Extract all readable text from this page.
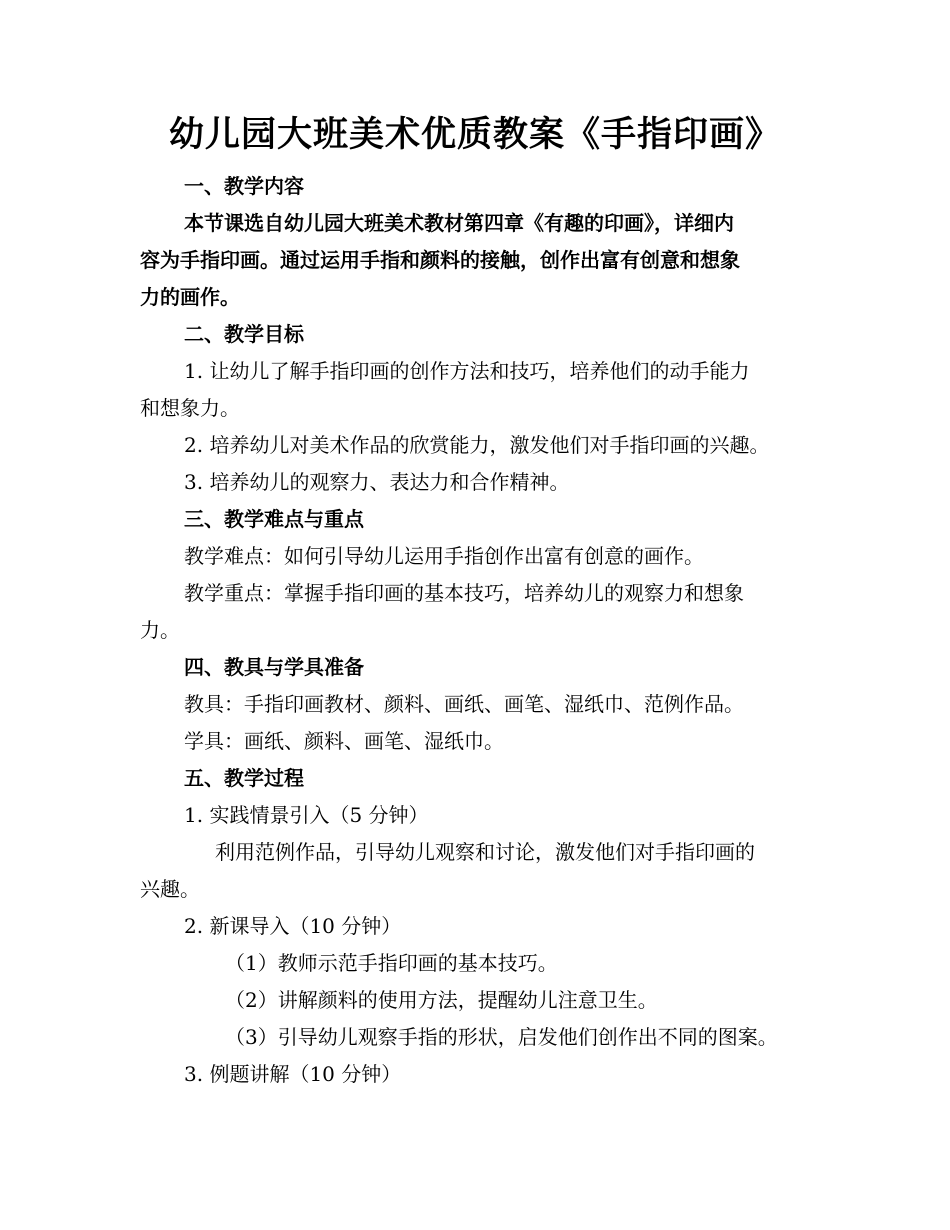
幼儿园大班美术优质教案《手指印画》
一、教学内容
本节课选自幼儿园大班美术教材第四章《有趣的印画》，详细内
容为手指印画。通过运用手指和颜料的接触，创作出富有创意和想象
力的画作。
二、教学目标
1. 让幼儿了解手指印画的创作方法和技巧，培养他们的动手能力
和想象力。
2. 培养幼儿对美术作品的欣赏能力，激发他们对手指印画的兴趣。
3. 培养幼儿的观察力、表达力和合作精神。
三、教学难点与重点
教学难点：如何引导幼儿运用手指创作出富有创意的画作。
教学重点：掌握手指印画的基本技巧，培养幼儿的观察力和想象
力。
四、教具与学具准备
教具：手指印画教材、颜料、画纸、画笔、湿纸巾、范例作品。
学具：画纸、颜料、画笔、湿纸巾。
五、教学过程
1. 实践情景引入（5 分钟）
利用范例作品，引导幼儿观察和讨论，激发他们对手指印画的
兴趣。
2. 新课导入（10 分钟）
（1）教师示范手指印画的基本技巧。
（2）讲解颜料的使用方法，提醒幼儿注意卫生。
（3）引导幼儿观察手指的形状，启发他们创作出不同的图案。
3. 例题讲解（10 分钟）
